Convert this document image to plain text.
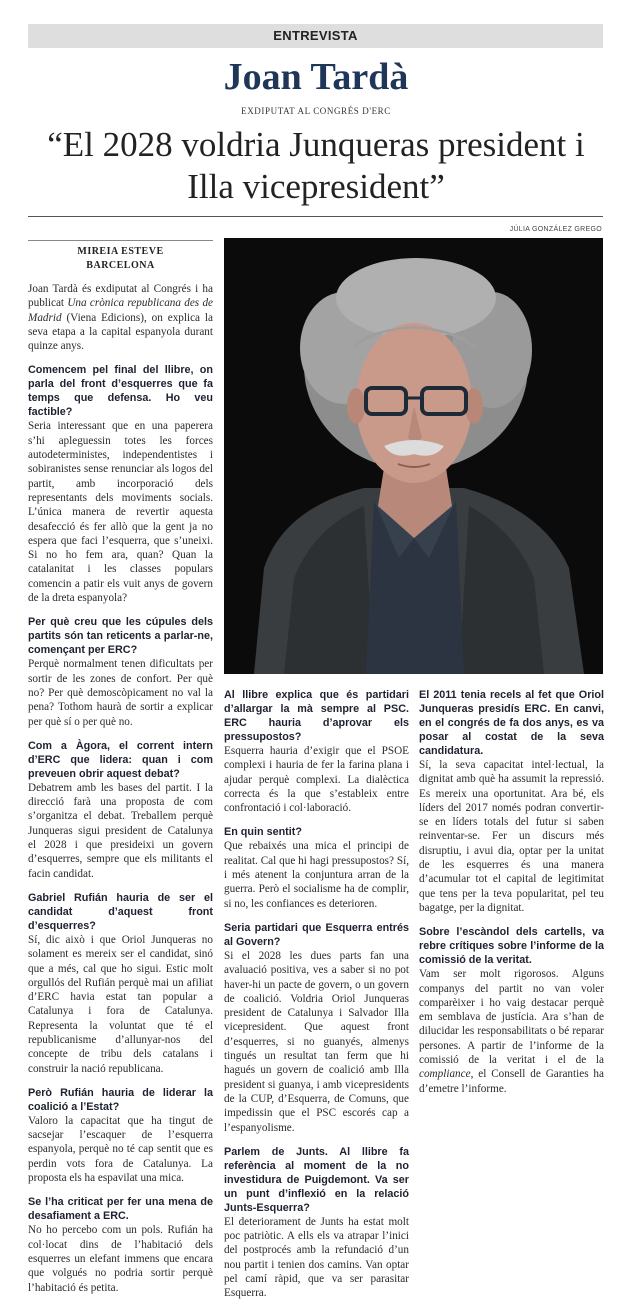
ENTREVISTA
Joan Tardà
EXDIPUTAT AL CONGRÉS D'ERC
“El 2028 voldria Junqueras president i Illa vicepresident”
JÚLIA GONZÁLEZ GREGO
MIREIA ESTEVE
BARCELONA

Joan Tardà és exdiputat al Congrés i ha publicat Una crònica republicana des de Madrid (Viena Edicions), on explica la seva etapa a la capital espanyola durant quinze anys.

Comencem pel final del llibre, on parla del front d’esquerres que fa temps que defensa. Ho veu factible?

Seria interessant que en una paperera s’hi apleguessin totes les forces autodeterministes, independentistes i sobiranistes sense renunciar als logos del partit, amb incorporació dels representants dels moviments socials. L’única manera de revertir aquesta desafecció és fer allò que la gent ja no espera que faci l’esquerra, que s’uneixi. Si no ho fem ara, quan? Quan la catalanitat i les classes populars comencin a patir els vuit anys de govern de la dreta espanyola?

Per què creu que les cúpules dels partits són tan reticents a parlar-ne, començant per ERC?

Perquè normalment tenen dificultats per sortir de les zones de confort. Per què no? Per què demoscòpicament no val la pena? Tothom haurà de sortir a explicar per què sí o per què no.

Com a Àgora, el corrent intern d’ERC que lidera: quan i com preveuen obrir aquest debat?

Debatrem amb les bases del partit. I la direcció farà una proposta de com s’organitza el debat. Treballem perquè Junqueras sigui president de Catalunya el 2028 i que presideixi un govern d’esquerres, sempre que els militants el facin candidat.

Gabriel Rufián hauria de ser el candidat d’aquest front d’esquerres?

Sí, dic això i que Oriol Junqueras no solament es mereix ser el candidat, sinó que a més, cal que ho sigui. Estic molt orgullós del Rufián perquè mai un afiliat d’ERC havia estat tan popular a Catalunya i fora de Catalunya. Representa la voluntat que té el republicanisme d’allunyar-nos del concepte de tribu dels catalans i construir la nació republicana.

Però Rufián hauria de liderar la coalició a l’Estat?

Valoro la capacitat que ha tingut de sacsejar l’escaquer de l’esquerra espanyola, perquè no té cap sentit que es perdin vots fora de Catalunya. La proposta els ha espavilat una mica.

Se l’ha criticat per fer una mena de desafiament a ERC.

No ho percebo com un pols. Rufián ha col·locat dins de l’habitació dels esquerres un elefant immens que encara que volgués no podria sortir perquè l’habitació és petita.

Al llibre explica que és partidari d’allargar la mà sempre al PSC. ERC hauria d’aprovar els pressupostos?

Esquerra hauria d’exigir que el PSOE complexi i hauria de fer la farina plana i ajudar perquè complexi. La dialèctica correcta és la que s’estableix entre confrontació i col·laboració.

En quin sentit?

Que rebaixés una mica el principi de realitat. Cal que hi hagi pressupostos? Sí, i més atenent la conjuntura arran de la guerra. Però el socialisme ha de complir, si no, les confiances es deterioren.

Seria partidari que Esquerra entrés al Govern?

Si el 2028 les dues parts fan una avaluació positiva, ves a saber si no pot haver-hi un pacte de govern, o un govern de coalició. Voldria Oriol Junqueras president de Catalunya i Salvador Illa vicepresident. Que aquest front d’esquerres, si no guanyés, almenys tingués un resultat tan ferm que hi hagués un govern de coalició amb Illa president si guanya, i amb vicepresidents de la CUP, d’Esquerra, de Comuns, que impedissin que el PSC escorés cap a l’espanyolisme.

Parlem de Junts. Al llibre fa referència al moment de la no investidura de Puigdemont. Va ser un punt d’inflexió en la relació Junts-Esquerra?

El deteriorament de Junts ha estat molt poc patriòtic. A ells els va atrapar l’inici del postprocés amb la refundació d’un nou partit i tenien dos camins. Van optar pel camí ràpid, que va ser parasitar Esquerra.

El 2011 tenia recels al fet que Oriol Junqueras presidís ERC. En canvi, en el congrés de fa dos anys, es va posar al costat de la seva candidatura.

Sí, la seva capacitat intel·lectual, la dignitat amb què ha assumit la repressió. Es mereix una oportunitat. Ara bé, els líders del 2017 només podran convertir-se en líders totals del futur si saben reinventar-se. Fer un discurs més disruptiu, i avui dia, optar per la unitat de les esquerres és una manera d’acumular tot el capital de legitimitat que tens per la teva popularitat, pel teu bagatge, per la dignitat.

Sobre l’escàndol dels cartells, va rebre crítiques sobre l’informe de la comissió de la veritat.

Vam ser molt rigorosos. Alguns companys del partit no van voler comparèixer i ho vaig destacar perquè em semblava de justícia. Ara s’han de dilucidar les responsabilitats o bé reparar persones. A partir de l’informe de la comissió de la veritat i el de la compliance, el Consell de Garanties ha d’emetre l’informe.
